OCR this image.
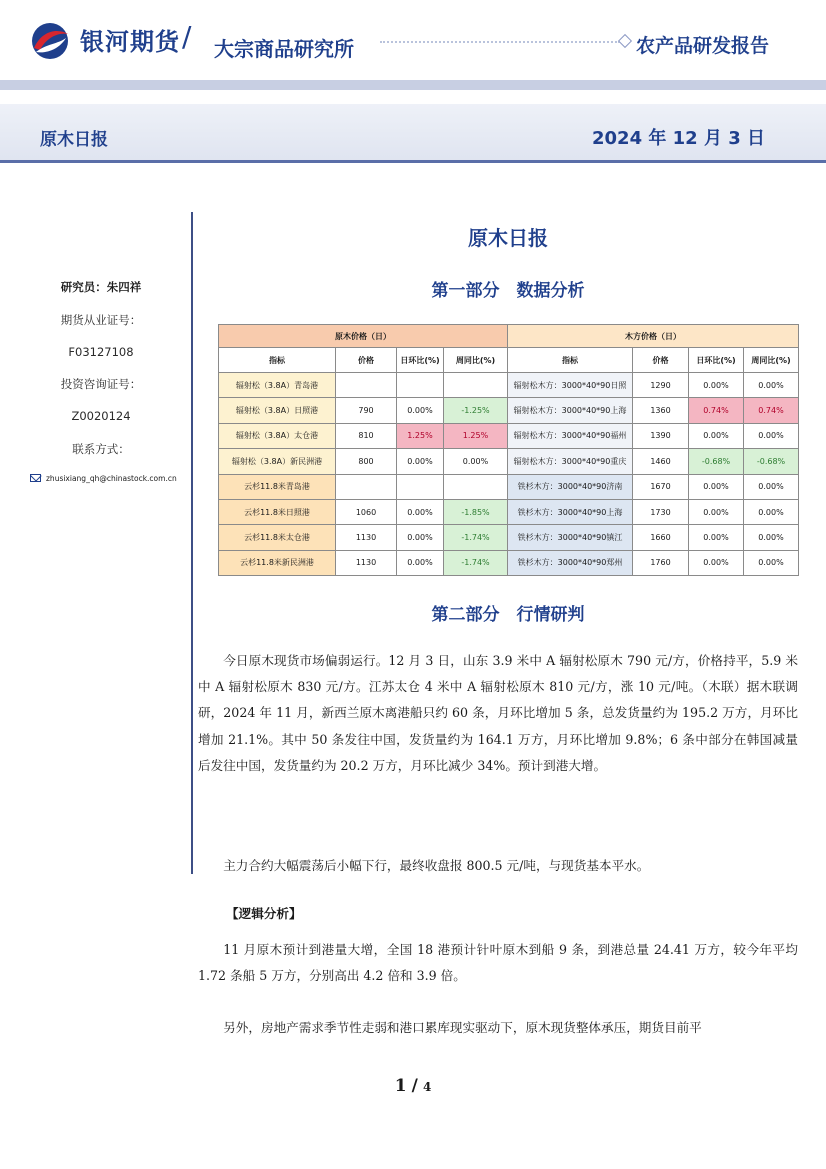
银河期货 / 大宗商品研究所	农产品研发报告
原木日报	2024 年 12 月 3 日
研究员：朱四祥
期货从业证号：
F03127108
投资咨询证号：
Z0020124
联系方式：
zhusixiang_qh@chinastock.com.cn
原木日报
第一部分　数据分析
原木价格（日）				木方价格（日）			
指标	价格	日环比(%)	周同比(%)	指标	价格	日环比(%)	周同比(%)
辐射松（3.8A）青岛港				辐射松木方：3000*40*90日照	1290	0.00%	0.00%
辐射松（3.8A）日照港	790	0.00%	-1.25%	辐射松木方：3000*40*90上海	1360	0.74%	0.74%
辐射松（3.8A）太仓港	810	1.25%	1.25%	辐射松木方：3000*40*90福州	1390	0.00%	0.00%
辐射松（3.8A）新民洲港	800	0.00%	0.00%	辐射松木方：3000*40*90重庆	1460	-0.68%	-0.68%
云杉11.8米青岛港				铁杉木方：3000*40*90济南	1670	0.00%	0.00%
云杉11.8米日照港	1060	0.00%	-1.85%	铁杉木方：3000*40*90上海	1730	0.00%	0.00%
云杉11.8米太仓港	1130	0.00%	-1.74%	铁杉木方：3000*40*90镇江	1660	0.00%	0.00%
云杉11.8米新民洲港	1130	0.00%	-1.74%	铁杉木方：3000*40*90郑州	1760	0.00%	0.00%
第二部分　行情研判
今日原木现货市场偏弱运行。12 月 3 日，山东 3.9 米中 A 辐射松原木 790 元/方，价格持平，5.9 米中 A 辐射松原木 830 元/方。江苏太仓 4 米中 A 辐射松原木 810 元/方，涨 10 元/吨。（木联）据木联调研，2024 年 11 月，新西兰原木离港船只约 60 条，月环比增加 5 条，总发货量约为 195.2 万方，月环比增加 21.1%。其中 50 条发往中国，发货量约为 164.1 万方，月环比增加 9.8%；6 条中部分在韩国减量后发往中国，发货量约为 20.2 万方，月环比减少 34%。预计到港大增。
主力合约大幅震荡后小幅下行，最终收盘报 800.5 元/吨，与现货基本平水。
【逻辑分析】
11 月原木预计到港量大增，全国 18 港预计针叶原木到船 9 条，到港总量 24.41 万方，较今年平均 1.72 条船 5 万方，分别高出 4.2 倍和 3.9 倍。
另外，房地产需求季节性走弱和港口累库现实驱动下，原木现货整体承压，期货目前平
1 / 4
